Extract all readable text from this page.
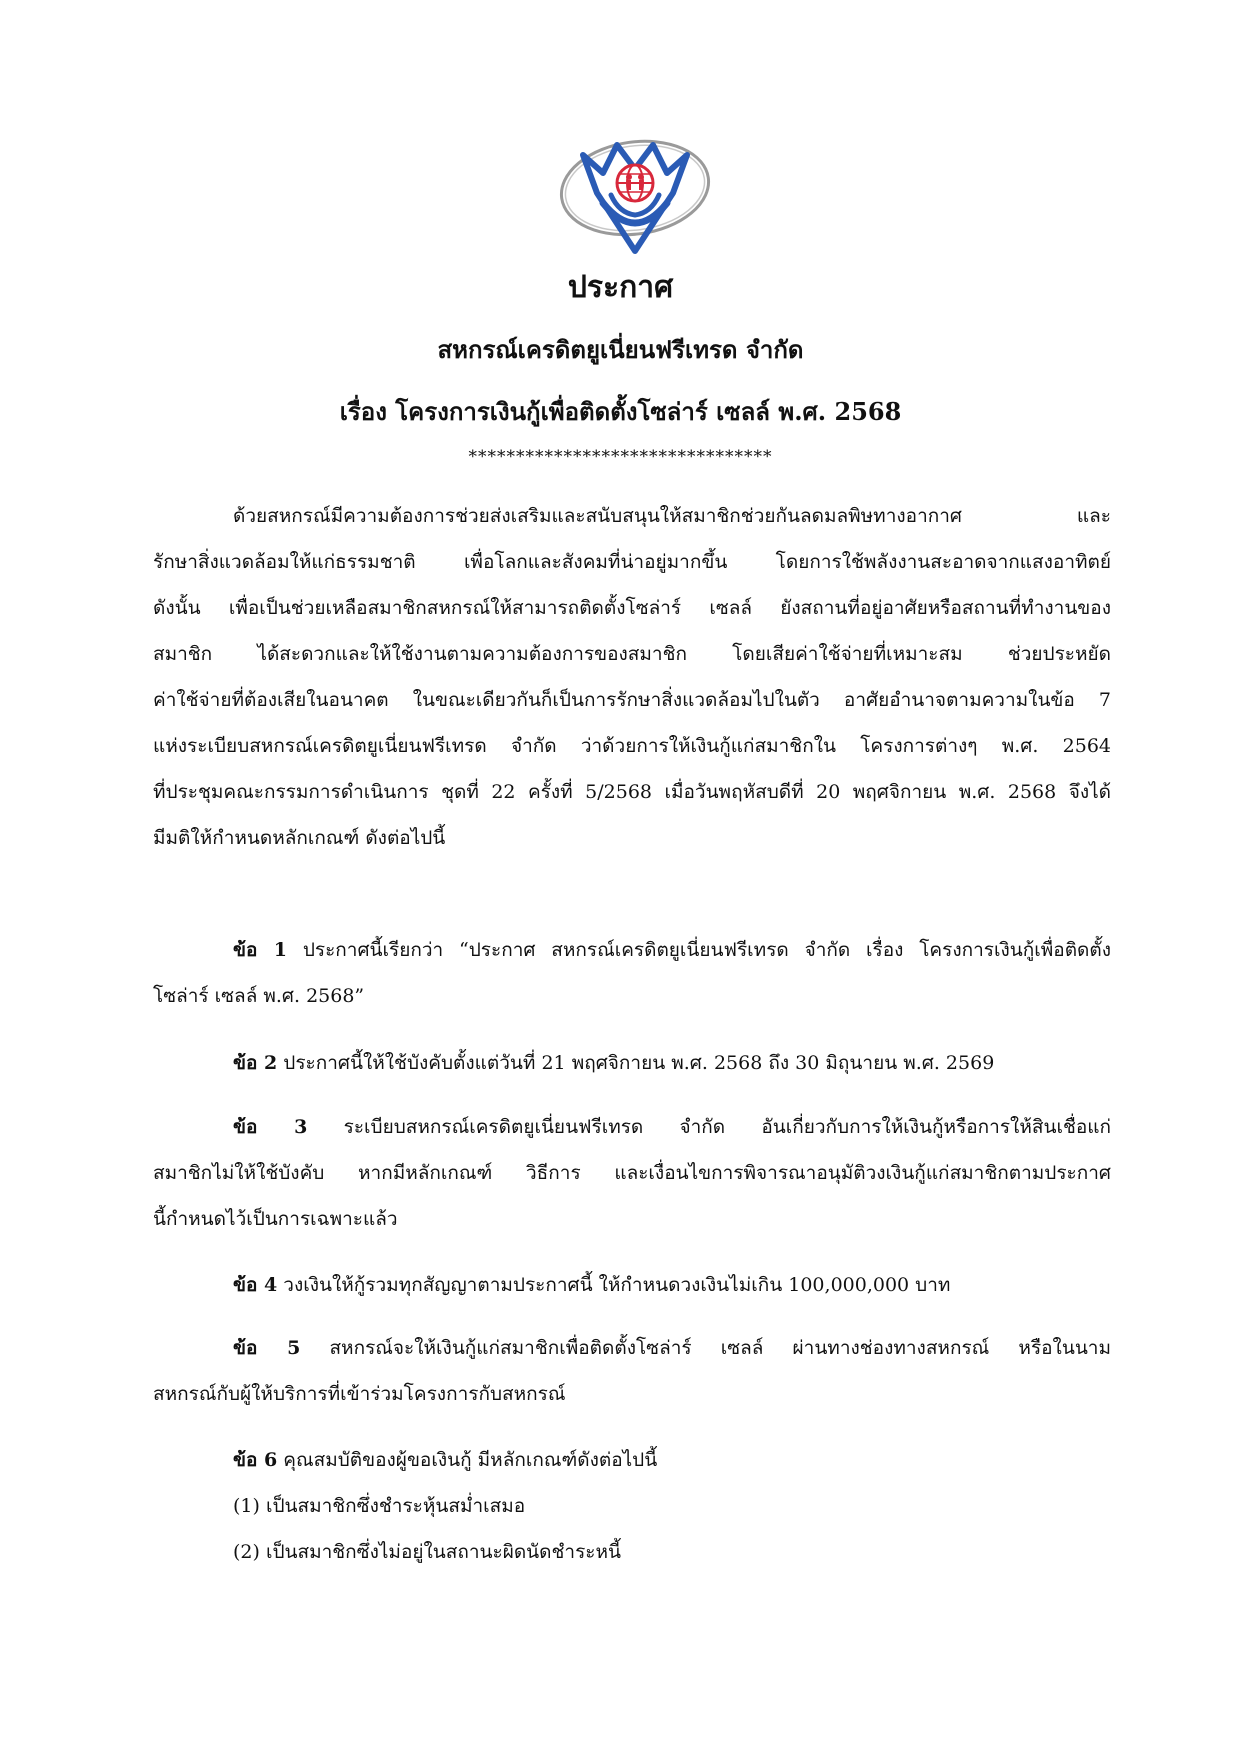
ประกาศ
สหกรณ์เครดิตยูเนี่ยนฟรีเทรด จำกัด
เรื่อง โครงการเงินกู้เพื่อติดตั้งโซล่าร์ เซลล์ พ.ศ. 2568
********************************
ด้วยสหกรณ์มีความต้องการช่วยส่งเสริมและสนับสนุนให้สมาชิกช่วยกันลดมลพิษทางอากาศ และ
รักษาสิ่งแวดล้อมให้แก่ธรรมชาติ เพื่อโลกและสังคมที่น่าอยู่มากขึ้น โดยการใช้พลังงานสะอาดจากแสงอาทิตย์
ดังนั้น เพื่อเป็นช่วยเหลือสมาชิกสหกรณ์ให้สามารถติดตั้งโซล่าร์ เซลล์ ยังสถานที่อยู่อาศัยหรือสถานที่ทำงานของ
สมาชิก ได้สะดวกและให้ใช้งานตามความต้องการของสมาชิก โดยเสียค่าใช้จ่ายที่เหมาะสม ช่วยประหยัด
ค่าใช้จ่ายที่ต้องเสียในอนาคต ในขณะเดียวกันก็เป็นการรักษาสิ่งแวดล้อมไปในตัว อาศัยอำนาจตามความในข้อ 7
แห่งระเบียบสหกรณ์เครดิตยูเนี่ยนฟรีเทรด จำกัด ว่าด้วยการให้เงินกู้แก่สมาชิกใน โครงการต่างๆ พ.ศ. 2564
ที่ประชุมคณะกรรมการดำเนินการ ชุดที่ 22 ครั้งที่ 5/2568 เมื่อวันพฤหัสบดีที่ 20 พฤศจิกายน พ.ศ. 2568 จึงได้
มีมติให้กำหนดหลักเกณฑ์ ดังต่อไปนี้
ข้อ 1 ประกาศนี้เรียกว่า “ประกาศ สหกรณ์เครดิตยูเนี่ยนฟรีเทรด จำกัด เรื่อง โครงการเงินกู้เพื่อติดตั้ง
โซล่าร์ เซลล์ พ.ศ. 2568”
ข้อ 2 ประกาศนี้ให้ใช้บังคับตั้งแต่วันที่ 21 พฤศจิกายน พ.ศ. 2568 ถึง 30 มิถุนายน พ.ศ. 2569
ข้อ 3 ระเบียบสหกรณ์เครดิตยูเนี่ยนฟรีเทรด จำกัด อันเกี่ยวกับการให้เงินกู้หรือการให้สินเชื่อแก่
สมาชิกไม่ให้ใช้บังคับ หากมีหลักเกณฑ์ วิธีการ และเงื่อนไขการพิจารณาอนุมัติวงเงินกู้แก่สมาชิกตามประกาศ
นี้กำหนดไว้เป็นการเฉพาะแล้ว
ข้อ 4 วงเงินให้กู้รวมทุกสัญญาตามประกาศนี้ ให้กำหนดวงเงินไม่เกิน 100,000,000 บาท
ข้อ 5 สหกรณ์จะให้เงินกู้แก่สมาชิกเพื่อติดตั้งโซล่าร์ เซลล์ ผ่านทางช่องทางสหกรณ์ หรือในนาม
สหกรณ์กับผู้ให้บริการที่เข้าร่วมโครงการกับสหกรณ์
ข้อ 6 คุณสมบัติของผู้ขอเงินกู้ มีหลักเกณฑ์ดังต่อไปนี้
(1) เป็นสมาชิกซึ่งชำระหุ้นสม่ำเสมอ
(2) เป็นสมาชิกซึ่งไม่อยู่ในสถานะผิดนัดชำระหนี้
